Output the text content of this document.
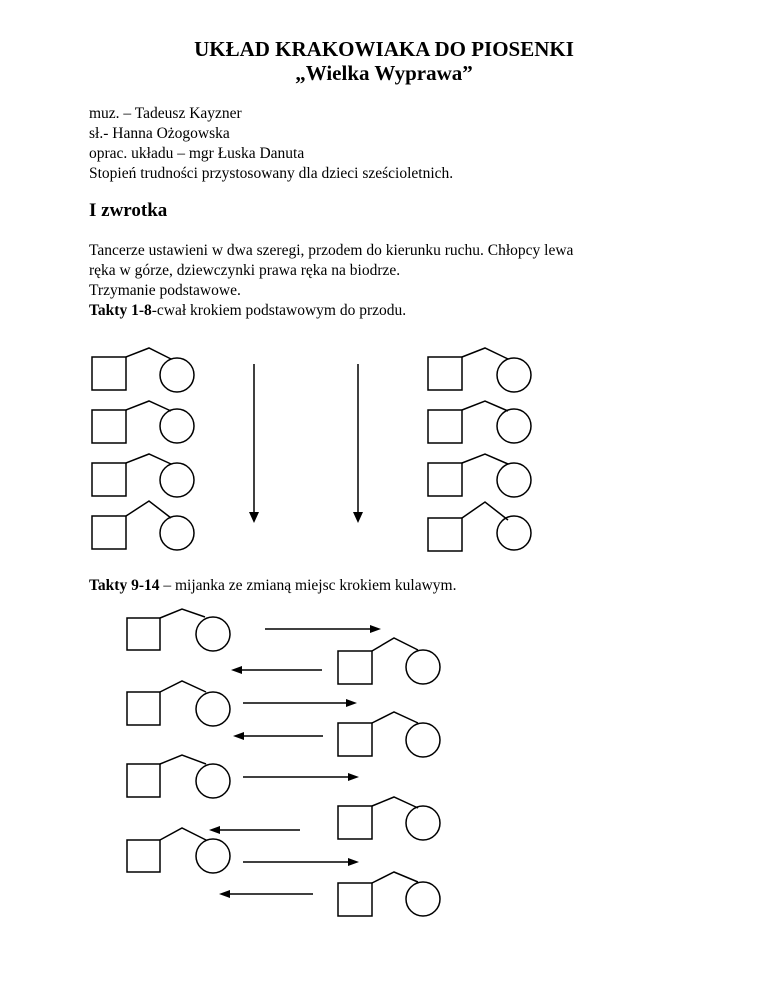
UKŁAD KRAKOWIAKA DO PIOSENKI
„Wielka Wyprawa”
muz. – Tadeusz Kayzner
sł.- Hanna Ożogowska
oprac. układu – mgr Łuska Danuta
Stopień trudności przystosowany dla dzieci sześcioletnich.
I zwrotka
Tancerze ustawieni w dwa szeregi, przodem do kierunku ruchu. Chłopcy lewa
ręka w górze, dziewczynki prawa ręka na biodrze.
Trzymanie podstawowe.
Takty 1-8-cwał krokiem podstawowym do przodu.
Takty 9-14 – mijanka ze zmianą miejsc krokiem kulawym.
